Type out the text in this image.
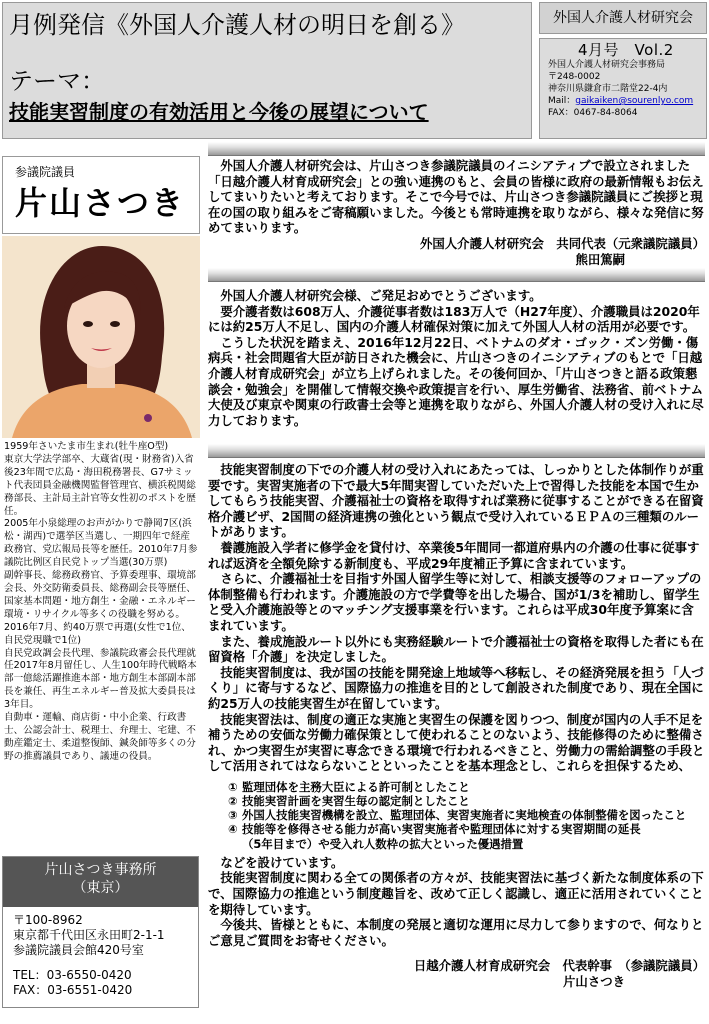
月例発信《外国人介護人材の明日を創る》
テーマ：
技能実習制度の有効活用と今後の展望について
外国人介護人材研究会
4月号　Vol.2
外国人介護人材研究会事務局
〒248-0002
神奈川県鎌倉市二階堂22-4内
Mail：gaikaiken@sourenlyo.com
FAX：0467-84-8064
参議院議員
片山さつき
1959年さいたま市生まれ(牡牛座O型)
東京大学法学部卒、大蔵省(現・財務省)入省後23年間で広島・海田税務署長、G7サミット代表団員金融機関監督管理官、横浜税関総務部長、主計局主計官等女性初のポストを歴任。
2005年小泉総理のお声がかりで静岡7区(浜松・湖西)で選挙区当選し、一期四年で経産政務官、党広報局長等を歴任。2010年7月参議院比例区自民党トップ当選(30万票)
副幹事長、総務政務官、予算委理事、環境部会長、外交防衛委員長、総務副会長等歴任、国家基本問題・地方創生・金融・エネルギー環境・リサイクル等多くの役職を努める。
2016年7月、約40万票で再選(女性で1位、自民党現職で1位)
自民党政調会長代理、参議院政審会長代理就任2017年8月留任し、人生100年時代戦略本部一億総活躍推進本部・地方創生本部副本部長を兼任、再生エネルギー普及拡大委員長は3年目。
自動車・運輸、商店街・中小企業、行政書士、公認会計士、税理士、弁理士、宅建、不動産鑑定士、柔道整復師、鍼灸師等多くの分野の推薦議員であり、議連の役員。
片山さつき事務所
（東京）
〒100-8962
東京都千代田区永田町2-1-1
参議院議員会館420号室
TEL：03-6550-0420
FAX：03-6551-0420

外国人介護人材研究会は、片山さつき参議院議員のイニシアティブで設立されました「日越介護人材育成研究会」との強い連携のもと、会員の皆様に政府の最新情報もお伝えしてまいりたいと考えております。そこで今号では、片山さつき参議院議員にご挨拶と現在の国の取り組みをご寄稿願いました。今後とも常時連携を取りながら、様々な発信に努めてまいります。

外国人介護人材研究会　共同代表（元衆議院議員）
熊田篤嗣

外国人介護人材研究会様、ご発足おめでとうございます。

要介護者数は608万人、介護従事者数は183万人で（H27年度）、介護職員は2020年には約25万人不足し、国内の介護人材確保対策に加えて外国人人材の活用が必要です。

こうした状況を踏まえ、2016年12月22日、ベトナムのダオ・ゴック・ズン労働・傷病兵・社会問題省大臣が訪日された機会に、片山さつきのイニシアティブのもとで「日越介護人材育成研究会」が立ち上げられました。その後何回か、「片山さつきと語る政策懇談会・勉強会」を開催して情報交換や政策提言を行い、厚生労働省、法務省、前ベトナム大使及び東京や関東の行政書士会等と連携を取りながら、外国人介護人材の受け入れに尽力しております。

技能実習制度の下での介護人材の受け入れにあたっては、しっかりとした体制作りが重要です。実習実施者の下で最大5年間実習していただいた上で習得した技能を本国で生かしてもらう技能実習、介護福祉士の資格を取得すれば業務に従事することができる在留資格介護ビザ、2国間の経済連携の強化という観点で受け入れているＥＰＡの三種類のルートがあります。

養護施設入学者に修学金を貸付け、卒業後5年間同一都道府県内の介護の仕事に従事すれば返済を全額免除する新制度も、平成29年度補正予算に含まれています。

さらに、介護福祉士を目指す外国人留学生等に対して、相談支援等のフォローアップの体制整備も行われます。介護施設の方で学費等を出した場合、国が1/3を補助し、留学生と受入介護施設等とのマッチング支援事業を行います。これらは平成30年度予算案に含まれています。

また、養成施設ルート以外にも実務経験ルートで介護福祉士の資格を取得した者にも在留資格「介護」を決定しました。

技能実習制度は、我が国の技能を開発途上地域等へ移転し、その経済発展を担う「人づくり」に寄与するなど、国際協力の推進を目的として創設された制度であり、現在全国に約25万人の技能実習生が在留しています。

技能実習法は、制度の適正な実施と実習生の保護を図りつつ、制度が国内の人手不足を補うための安価な労働力確保策として使われることのないよう、技能修得のために整備され、かつ実習生が実習に専念できる環境で行われるべきこと、労働力の需給調整の手段として活用されてはならないことといったことを基本理念とし、これらを担保するため、

① 監理団体を主務大臣による許可制としたこと
② 技能実習計画を実習生毎の認定制としたこと
③ 外国人技能実習機構を設立、監理団体、実習実施者に実地検査の体制整備を図ったこと
④ 技能等を修得させる能力が高い実習実施者や監理団体に対する実習期間の延長
（5年目まで）や受入れ人数枠の拡大といった優遇措置

などを設けています。

技能実習制度に関わる全ての関係者の方々が、技能実習法に基づく新たな制度体系の下で、国際協力の推進という制度趣旨を、改めて正しく認識し、適正に活用されていくことを期待しています。

今後共、皆様とともに、本制度の発展と適切な運用に尽力して参りますので、何なりとご意見ご質問をお寄せください。

日越介護人材育成研究会　代表幹事　（参議院議員）
片山さつき
